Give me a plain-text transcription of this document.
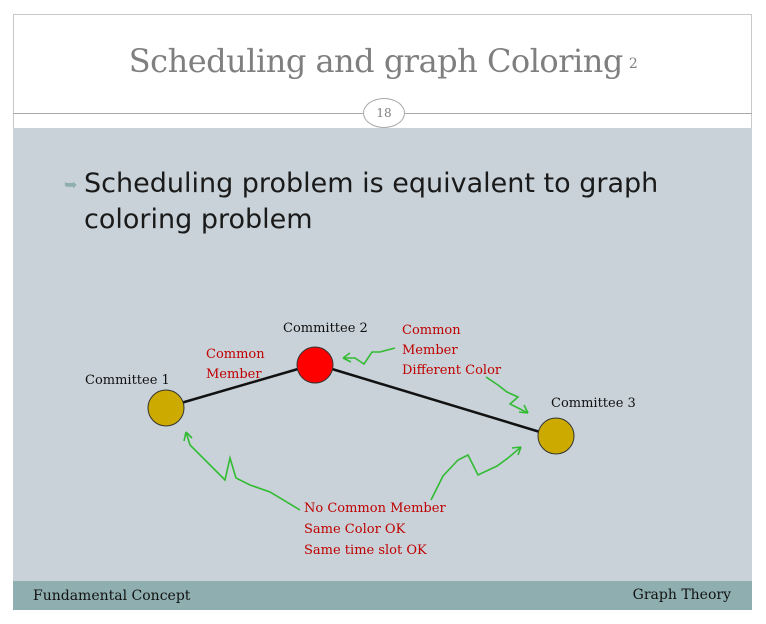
Scheduling and graph Coloring 2
18
➥ Scheduling problem is equivalent to graph
coloring problem
Committee 2
Committee 1
Committee 3
Common
Member
Common
Member
Different Color
No Common Member
Same Color OK
Same time slot OK
Fundamental Concept	Graph Theory
